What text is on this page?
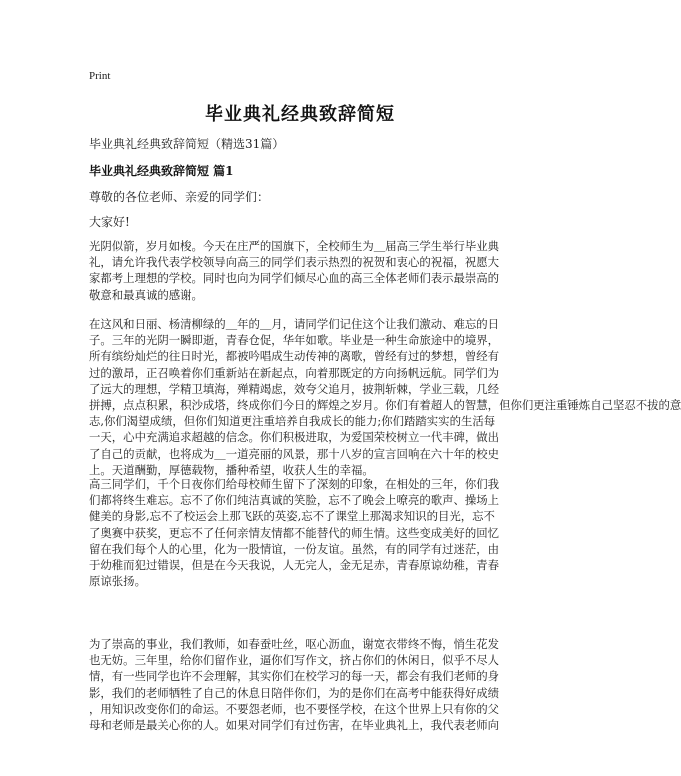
Print
毕业典礼经典致辞简短
毕业典礼经典致辞简短（精选31篇）
毕业典礼经典致辞简短 篇1
尊敬的各位老师、亲爱的同学们：
大家好!
光阴似箭，岁月如梭。今天在庄严的国旗下，全校师生为＿届高三学生举行毕业典
礼，请允许我代表学校领导向高三的同学们表示热烈的祝贺和衷心的祝福，祝愿大
家都考上理想的学校。同时也向为同学们倾尽心血的高三全体老师们表示最崇高的
敬意和最真诚的感谢。
在这风和日丽、杨清柳绿的＿年的＿月，请同学们记住这个让我们激动、难忘的日
子。三年的光阴一瞬即逝，青春仓促，华年如歌。毕业是一种生命旅途中的境界，
所有缤纷灿烂的往日时光，都被吟唱成生动传神的离歌，曾经有过的梦想，曾经有
过的激昂，正召唤着你们重新站在新起点，向着那既定的方向扬帆远航。同学们为
了远大的理想，学精卫填海，殚精竭虑，效夸父追月，披荆斩棘，学业三载，几经
拼搏，点点积累，积沙成塔，终成你们今日的辉煌之岁月。你们有着超人的智慧，但你们更注重锤炼自己坚忍不拔的意
志,你们渴望成绩，但你们知道更注重培养自我成长的能力;你们踏踏实实的生活每
一天，心中充满追求超越的信念。你们积极进取，为爱国荣校树立一代丰碑，做出
了自己的贡献，也将成为＿一道亮丽的风景，那十八岁的宣言回响在六十年的校史
上。天道酬勤，厚德载物，播种希望，收获人生的幸福。
高三同学们，千个日夜你们给母校师生留下了深刻的印象，在相处的三年，你们我
们都将终生难忘。忘不了你们纯洁真诚的笑脸，忘不了晚会上嘹亮的歌声、操场上
健美的身影,忘不了校运会上那飞跃的英姿,忘不了课堂上那渴求知识的目光，忘不
了奥赛中获奖，更忘不了任何亲情友情都不能替代的师生情。这些变成美好的回忆
留在我们每个人的心里，化为一股情谊，一份友谊。虽然，有的同学有过迷茫，由
于幼稚而犯过错误，但是在今天我说，人无完人，金无足赤，青春原谅幼稚，青春
原谅张扬。
为了崇高的事业，我们教师，如春蚕吐丝，呕心沥血，谢宽衣带终不悔，悄生花发
也无妨。三年里，给你们留作业，逼你们写作文，挤占你们的休闲日，似乎不尽人
情，有一些同学也许不会理解，其实你们在校学习的每一天，都会有我们老师的身
影，我们的老师牺牲了自己的休息日陪伴你们，为的是你们在高考中能获得好成绩
，用知识改变你们的命运。不要怨老师，也不要怪学校，在这个世界上只有你的父
母和老师是最关心你的人。如果对同学们有过伤害，在毕业典礼上，我代表老师向
